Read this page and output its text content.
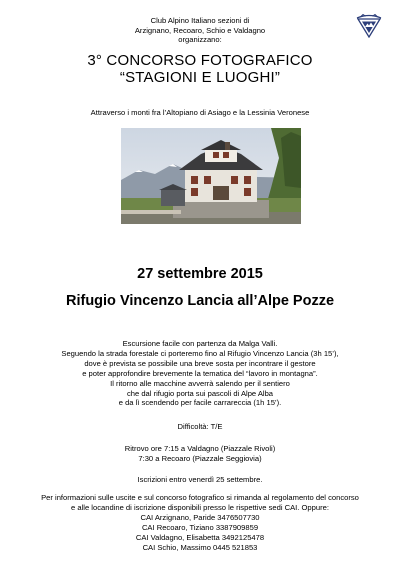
Club Alpino Italiano sezioni di
Arzignano, Recoaro, Schio e Valdagno
organizzano:
3° CONCORSO FOTOGRAFICO
“STAGIONI E LUOGHI”
Attraverso i monti fra l’Altopiano di Asiago e la Lessinia Veronese
27 settembre 2015
Rifugio Vincenzo Lancia all’Alpe Pozze
Escursione facile con partenza da Malga Valli.
Seguendo la strada forestale ci porteremo fino al Rifugio Vincenzo Lancia (3h 15’),
dove è prevista se possibile una breve sosta per incontrare il gestore
e poter approfondire brevemente la tematica del “lavoro in montagna”.
Il ritorno alle macchine avverrà salendo per il sentiero
che dal rifugio porta sui pascoli di Alpe Alba
e da lì scendendo per facile carrareccia (1h 15’).
Difficoltà: T/E
Ritrovo ore 7:15 a Valdagno (Piazzale Rivoli)
7:30 a Recoaro (Piazzale Seggiovia)
Iscrizioni entro venerdì 25 settembre.
Per informazioni sulle uscite e sul concorso fotografico si rimanda al regolamento del concorso
e alle locandine di iscrizione disponibili presso le rispettive sedi CAI. Oppure:
CAI Arzignano, Paride 3476507730
CAI Recoaro, Tiziano 3387909859
CAI Valdagno, Elisabetta 3492125478
CAI Schio, Massimo 0445 521853
